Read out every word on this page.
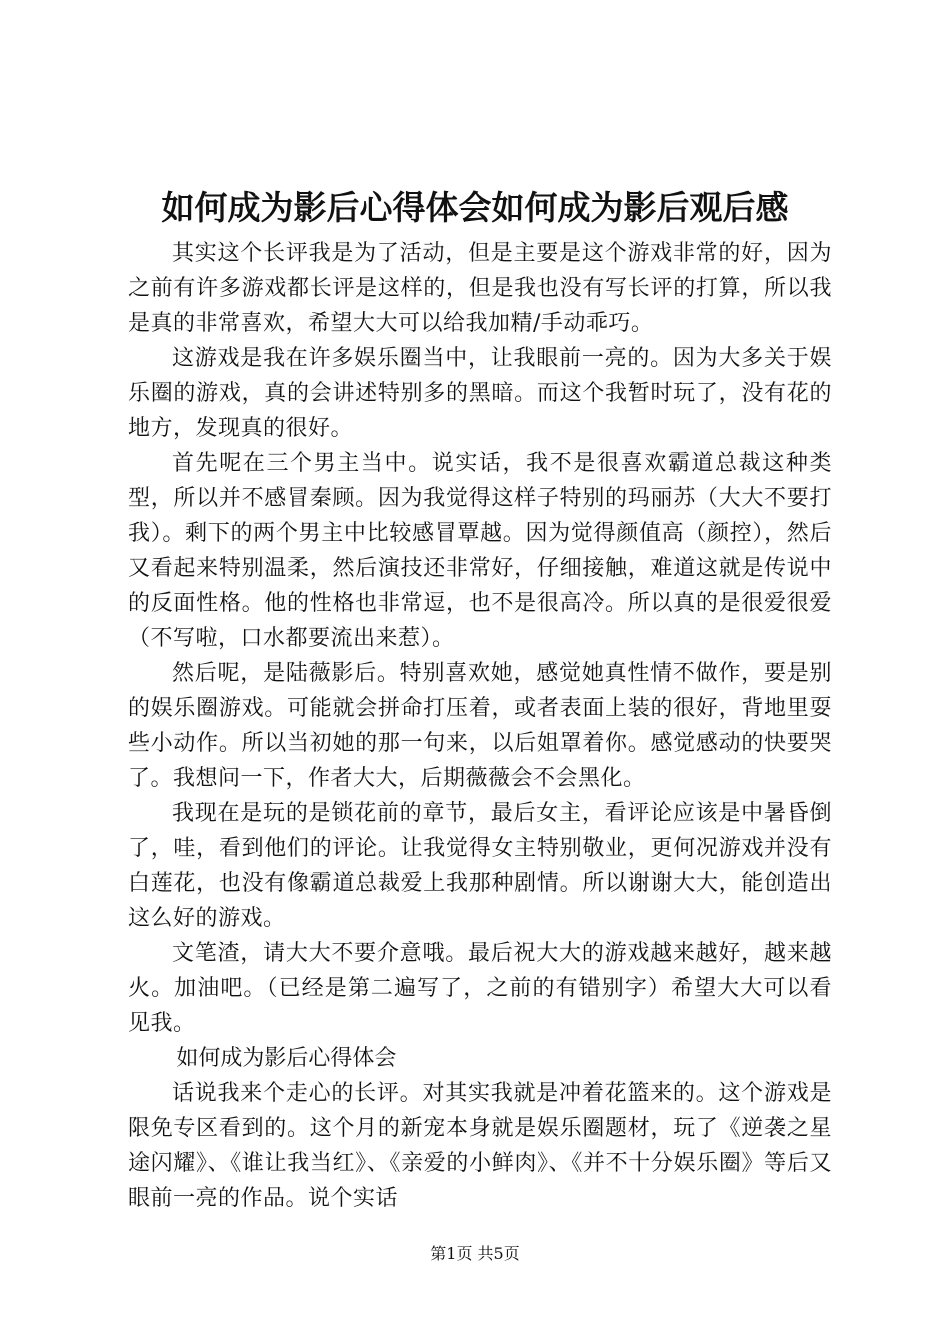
如何成为影后心得体会如何成为影后观后感

其实这个长评我是为了活动，但是主要是这个游戏非常的好，因为之前有许多游戏都长评是这样的，但是我也没有写长评的打算，所以我是真的非常喜欢，希望大大可以给我加精/手动乖巧。

这游戏是我在许多娱乐圈当中，让我眼前一亮的。因为大多关于娱乐圈的游戏，真的会讲述特别多的黑暗。而这个我暂时玩了，没有花的地方，发现真的很好。

首先呢在三个男主当中。说实话，我不是很喜欢霸道总裁这种类型，所以并不感冒秦顾。因为我觉得这样子特别的玛丽苏（大大不要打我）。剩下的两个男主中比较感冒覃越。因为觉得颜值高（颜控），然后又看起来特别温柔，然后演技还非常好，仔细接触，难道这就是传说中的反面性格。他的性格也非常逗，也不是很高冷。所以真的是很爱很爱（不写啦，口水都要流出来惹）。

然后呢，是陆薇影后。特别喜欢她，感觉她真性情不做作，要是别的娱乐圈游戏。可能就会拼命打压着，或者表面上装的很好，背地里耍些小动作。所以当初她的那一句来，以后姐罩着你。感觉感动的快要哭了。我想问一下，作者大大，后期薇薇会不会黑化。

我现在是玩的是锁花前的章节，最后女主，看评论应该是中暑昏倒了，哇，看到他们的评论。让我觉得女主特别敬业，更何况游戏并没有白莲花，也没有像霸道总裁爱上我那种剧情。所以谢谢大大，能创造出这么好的游戏。

文笔渣，请大大不要介意哦。最后祝大大的游戏越来越好，越来越火。加油吧。（已经是第二遍写了，之前的有错别字）希望大大可以看见我。

如何成为影后心得体会

话说我来个走心的长评。对其实我就是冲着花篮来的。这个游戏是限免专区看到的。这个月的新宠本身就是娱乐圈题材，玩了《逆袭之星途闪耀》、《谁让我当红》、《亲爱的小鲜肉》、《并不十分娱乐圈》等后又眼前一亮的作品。说个实话

第1页 共5页
